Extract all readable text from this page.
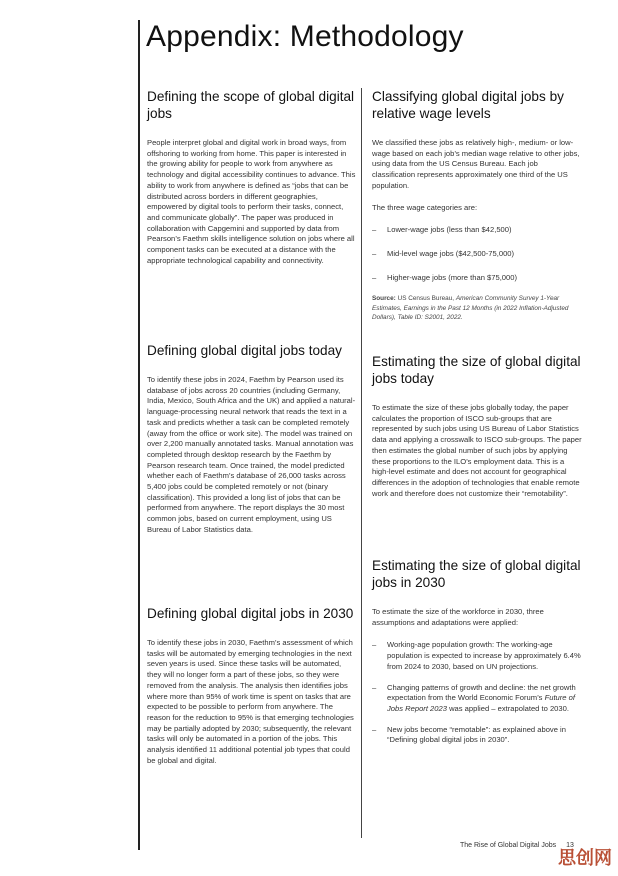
Appendix: Methodology
Defining the scope of global digital jobs

People interpret global and digital work in broad ways, from offshoring to working from home. This paper is interested in the growing ability for people to work from anywhere as technology and digital accessibility continues to advance. This ability to work from anywhere is defined as “jobs that can be distributed across borders in different geographies, empowered by digital tools to perform their tasks, connect, and communicate globally”. The paper was produced in collaboration with Capgemini and supported by data from Pearson’s Faethm skills intelligence solution on jobs where all component tasks can be executed at a distance with the appropriate technological capability and connectivity.

Defining global digital jobs today

To identify these jobs in 2024, Faethm by Pearson used its database of jobs across 20 countries (including Germany, India, Mexico, South Africa and the UK) and applied a natural-language-processing neural network that reads the text in a task and predicts whether a task can be completed remotely (away from the office or work site). The model was trained on over 2,200 manually annotated tasks. Manual annotation was completed through desktop research by the Faethm by Pearson research team. Once trained, the model predicted whether each of Faethm’s database of 26,000 tasks across 5,400 jobs could be completed remotely or not (binary classification). This provided a long list of jobs that can be performed from anywhere. The report displays the 30 most common jobs, based on current employment, using US Bureau of Labor Statistics data.

Defining global digital jobs in 2030

To identify these jobs in 2030, Faethm’s assessment of which tasks will be automated by emerging technologies in the next seven years is used. Since these tasks will be automated, they will no longer form a part of these jobs, so they were removed from the analysis. The analysis then identifies jobs where more than 95% of work time is spent on tasks that are expected to be possible to perform from anywhere. The reason for the reduction to 95% is that emerging technologies may be partially adopted by 2030; subsequently, the relevant tasks will only be automated in a portion of the jobs. This analysis identified 11 additional potential job types that could be global and digital.

Classifying global digital jobs by relative wage levels

We classified these jobs as relatively high-, medium- or low-wage based on each job’s median wage relative to other jobs, using data from the US Census Bureau. Each job classification represents approximately one third of the US population.

The three wage categories are:

– Lower-wage jobs (less than $42,500)
– Mid-level wage jobs ($42,500-75,000)
– Higher-wage jobs (more than $75,000)

Source: US Census Bureau, American Community Survey 1-Year Estimates, Earnings in the Past 12 Months (in 2022 Inflation-Adjusted Dollars), Table ID: S2001, 2022.

Estimating the size of global digital jobs today

To estimate the size of these jobs globally today, the paper calculates the proportion of ISCO sub-groups that are represented by such jobs using US Bureau of Labor Statistics data and applying a crosswalk to ISCO sub-groups. The paper then estimates the global number of such jobs by applying these proportions to the ILO’s employment data. This is a high-level estimate and does not account for geographical differences in the adoption of technologies that enable remote work and therefore does not customize their “remotability”.

Estimating the size of global digital jobs in 2030

To estimate the size of the workforce in 2030, three assumptions and adaptations were applied:

– Working-age population growth: The working-age population is expected to increase by approximately 6.4% from 2024 to 2030, based on UN projections.
– Changing patterns of growth and decline: the net growth expectation from the World Economic Forum’s Future of Jobs Report 2023 was applied – extrapolated to 2030.
– New jobs become “remotable”: as explained above in “Defining global digital jobs in 2030”.
The Rise of Global Digital Jobs 13
思创网
